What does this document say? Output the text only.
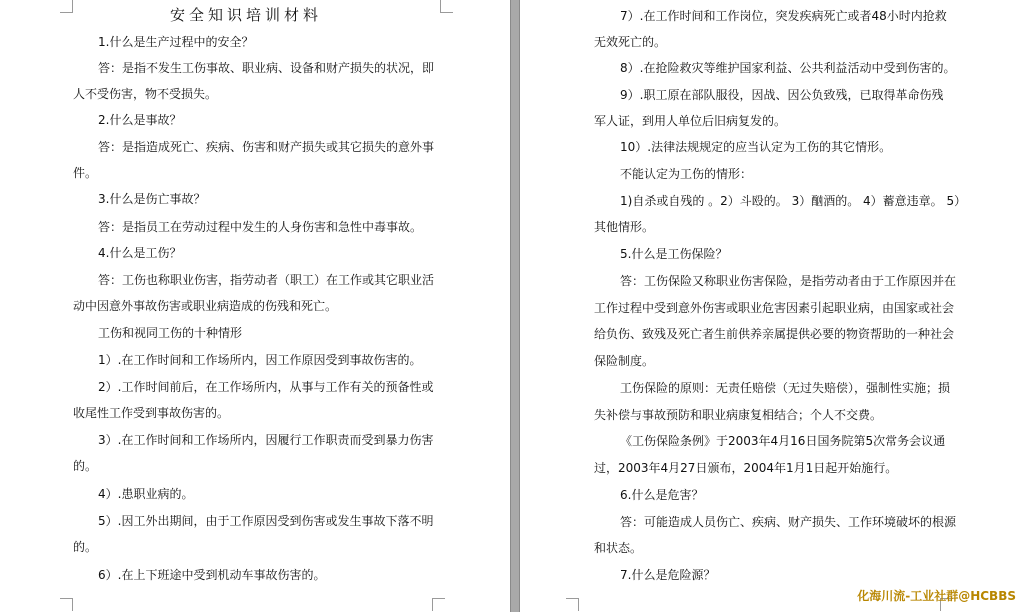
安全知识培训材料

1.什么是生产过程中的安全？

答：是指不发生工伤事故、职业病、设备和财产损失的状况，即

人不受伤害，物不受损失。

2.什么是事故？

答：是指造成死亡、疾病、伤害和财产损失或其它损失的意外事

件。

3.什么是伤亡事故？

答：是指员工在劳动过程中发生的人身伤害和急性中毒事故。

4.什么是工伤？

答：工伤也称职业伤害，指劳动者（职工）在工作或其它职业活

动中因意外事故伤害或职业病造成的伤残和死亡。

工伤和视同工伤的十种情形

1）.在工作时间和工作场所内，因工作原因受到事故伤害的。

2）.工作时间前后，在工作场所内，从事与工作有关的预备性或

收尾性工作受到事故伤害的。

3）.在工作时间和工作场所内，因履行工作职责而受到暴力伤害

的。

4）.患职业病的。

5）.因工外出期间，由于工作原因受到伤害或发生事故下落不明

的。

6）.在上下班途中受到机动车事故伤害的。

7）.在工作时间和工作岗位，突发疾病死亡或者48小时内抢救

无效死亡的。

8）.在抢险救灾等维护国家利益、公共利益活动中受到伤害的。

9）.职工原在部队服役，因战、因公负致残，已取得革命伤残

军人证，到用人单位后旧病复发的。

10）.法律法规规定的应当认定为工伤的其它情形。

不能认定为工伤的情形：

1)自杀或自残的 。2）斗殴的。 3）酗酒的。 4）蓄意违章。 5）

其他情形。

5.什么是工伤保险？

答：工伤保险又称职业伤害保险，是指劳动者由于工作原因并在

工作过程中受到意外伤害或职业危害因素引起职业病，由国家或社会

给负伤、致残及死亡者生前供养亲属提供必要的物资帮助的一种社会

保险制度。

工伤保险的原则：无责任赔偿（无过失赔偿），强制性实施；损

失补偿与事故预防和职业病康复相结合；个人不交费。

《工伤保险条例》于2003年4月16日国务院第5次常务会议通

过，2003年4月27日颁布，2004年1月1日起开始施行。

6.什么是危害？

答：可能造成人员伤亡、疾病、财产损失、工作环境破坏的根源

和状态。

7.什么是危险源？

化海川流-工业社群@HCBBS
